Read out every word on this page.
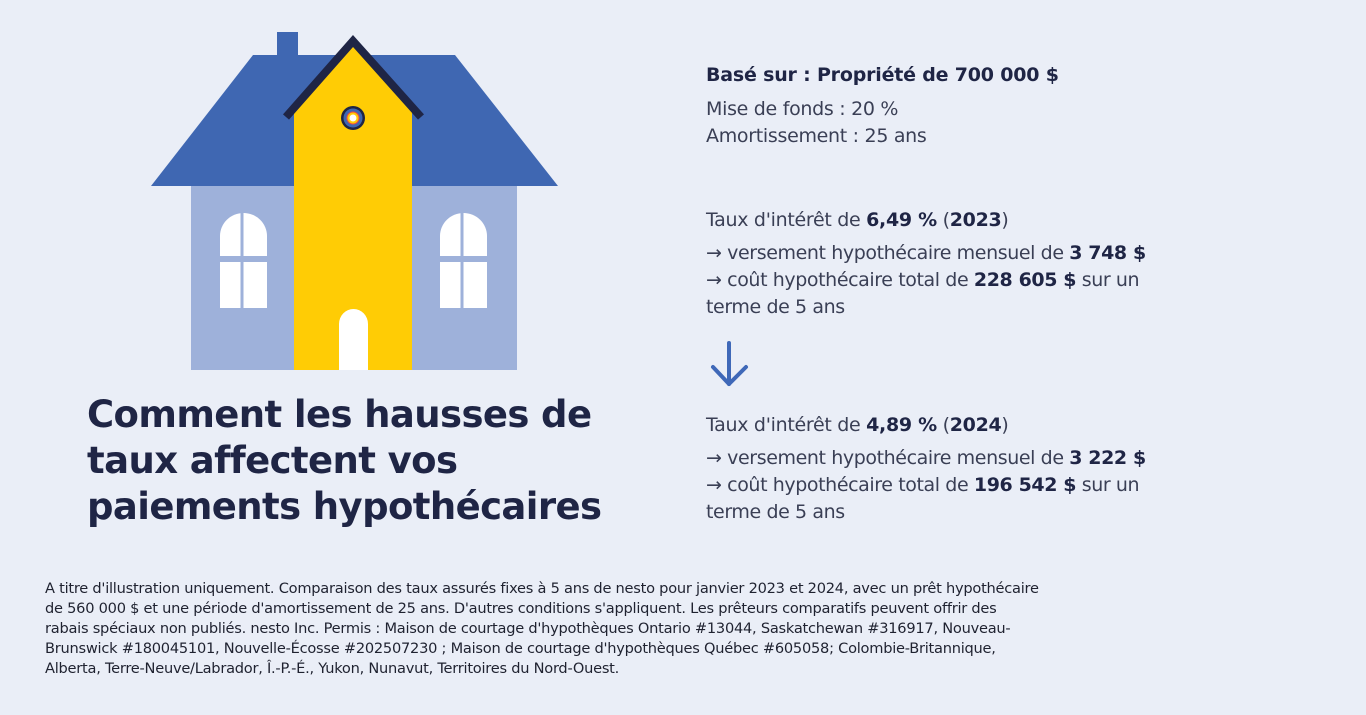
Comment les hausses de
taux affectent vos
paiements hypothécaires
Basé sur : Propriété de 700 000 $
Mise de fonds : 20 %
Amortissement : 25 ans
Taux d'intérêt de 6,49 % (2023)
→ versement hypothécaire mensuel de 3 748 $
→ coût hypothécaire total de 228 605 $ sur un
terme de 5 ans
Taux d'intérêt de 4,89 % (2024)
→ versement hypothécaire mensuel de 3 222 $
→ coût hypothécaire total de 196 542 $ sur un
terme de 5 ans
A titre d'illustration uniquement. Comparaison des taux assurés fixes à 5 ans de nesto pour janvier 2023 et 2024, avec un prêt hypothécaire
de 560 000 $ et une période d'amortissement de 25 ans. D'autres conditions s'appliquent. Les prêteurs comparatifs peuvent offrir des
rabais spéciaux non publiés. nesto Inc. Permis : Maison de courtage d'hypothèques Ontario #13044, Saskatchewan #316917, Nouveau-
Brunswick #180045101, Nouvelle-Écosse #202507230 ; Maison de courtage d'hypothèques Québec #605058; Colombie-Britannique,
Alberta, Terre-Neuve/Labrador, Î.-P.-É., Yukon, Nunavut, Territoires du Nord-Ouest.
